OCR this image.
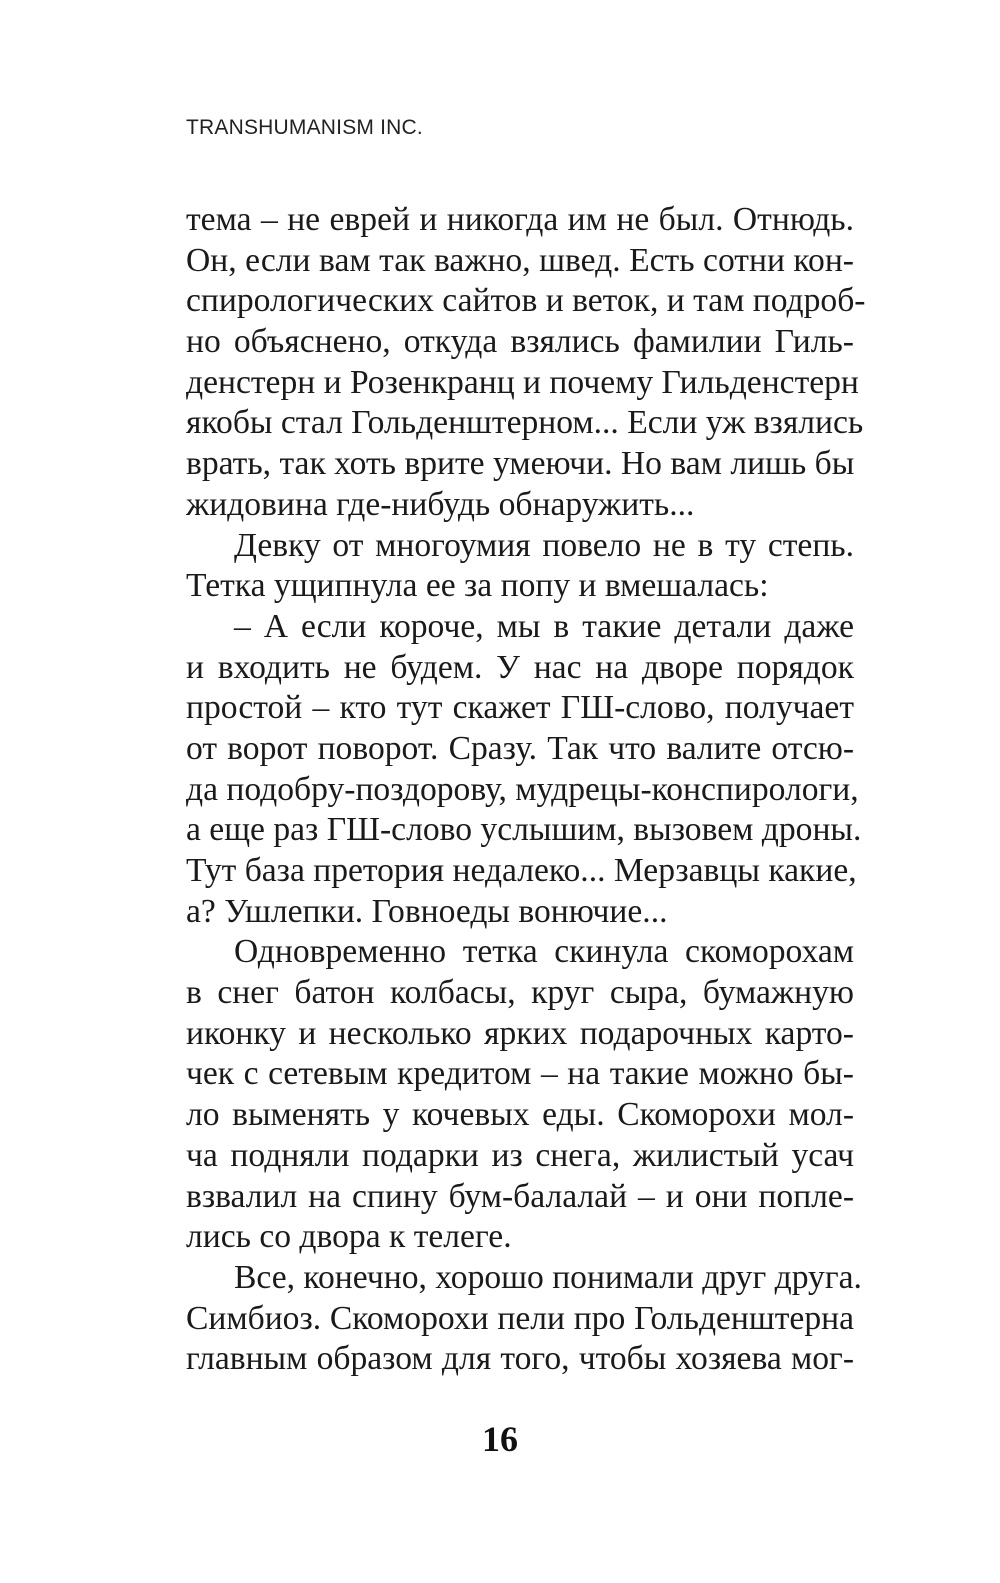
TRANSHUMANISM INC.
тема – не еврей и никогда им не был. Отнюдь.
Он, если вам так важно, швед. Есть сотни кон-
спирологических сайтов и веток, и там подроб-
но объяснено, откуда взялись фамилии Гиль-
денстерн и Розенкранц и почему Гильденстерн
якобы стал Гольденштерном... Если уж взялись
врать, так хоть врите умеючи. Но вам лишь бы
жидовина где-нибудь обнаружить...
Девку от многоумия повело не в ту степь.
Тетка ущипнула ее за попу и вмешалась:
– А если короче, мы в такие детали даже
и входить не будем. У нас на дворе порядок
простой – кто тут скажет ГШ-слово, получает
от ворот поворот. Сразу. Так что валите отсю-
да подобру-поздорову, мудрецы-конспирологи,
а еще раз ГШ-слово услышим, вызовем дроны.
Тут база претория недалеко... Мерзавцы какие,
а? Ушлепки. Говноеды вонючие...
Одновременно тетка скинула скоморохам
в снег батон колбасы, круг сыра, бумажную
иконку и несколько ярких подарочных карто-
чек с сетевым кредитом – на такие можно бы-
ло выменять у кочевых еды. Скоморохи мол-
ча подняли подарки из снега, жилистый усач
взвалил на спину бум-балалай – и они попле-
лись со двора к телеге.
Все, конечно, хорошо понимали друг друга.
Симбиоз. Скоморохи пели про Гольденштерна
главным образом для того, чтобы хозяева мог-
16
